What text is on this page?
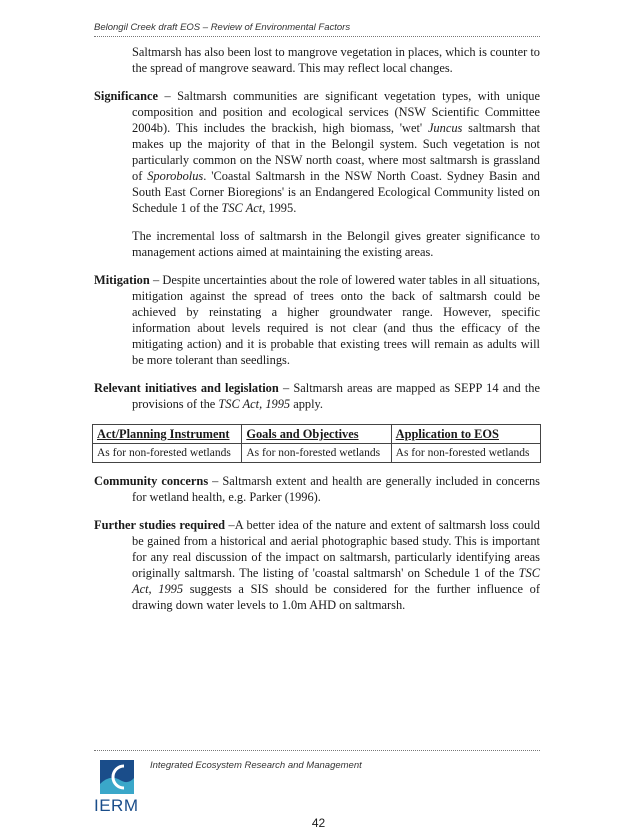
Belongil Creek draft EOS – Review of Environmental Factors

Saltmarsh has also been lost to mangrove vegetation in places, which is counter to the spread of mangrove seaward. This may reflect local changes.

Significance – Saltmarsh communities are significant vegetation types, with unique composition and position and ecological services (NSW Scientific Committee 2004b). This includes the brackish, high biomass, 'wet' Juncus saltmarsh that makes up the majority of that in the Belongil system. Such vegetation is not particularly common on the NSW north coast, where most saltmarsh is grassland of Sporobolus. 'Coastal Saltmarsh in the NSW North Coast. Sydney Basin and South East Corner Bioregions' is an Endangered Ecological Community listed on Schedule 1 of the TSC Act, 1995.

The incremental loss of saltmarsh in the Belongil gives greater significance to management actions aimed at maintaining the existing areas.

Mitigation – Despite uncertainties about the role of lowered water tables in all situations, mitigation against the spread of trees onto the back of saltmarsh could be achieved by reinstating a higher groundwater range. However, specific information about levels required is not clear (and thus the efficacy of the mitigating action) and it is probable that existing trees will remain as adults will be more tolerant than seedlings.

Relevant initiatives and legislation – Saltmarsh areas are mapped as SEPP 14 and the provisions of the TSC Act, 1995 apply.

Act/Planning Instrument	Goals and Objectives	Application to EOS
As for non-forested wetlands	As for non-forested wetlands	As for non-forested wetlands

Community concerns – Saltmarsh extent and health are generally included in concerns for wetland health, e.g. Parker (1996).

Further studies required –A better idea of the nature and extent of saltmarsh loss could be gained from a historical and aerial photographic based study. This is important for any real discussion of the impact on saltmarsh, particularly identifying areas originally saltmarsh. The listing of 'coastal saltmarsh' on Schedule 1 of the TSC Act, 1995 suggests a SIS should be considered for the further influence of drawing down water levels to 1.0m AHD on saltmarsh.

IERM
Integrated Ecosystem Research and Management
42
